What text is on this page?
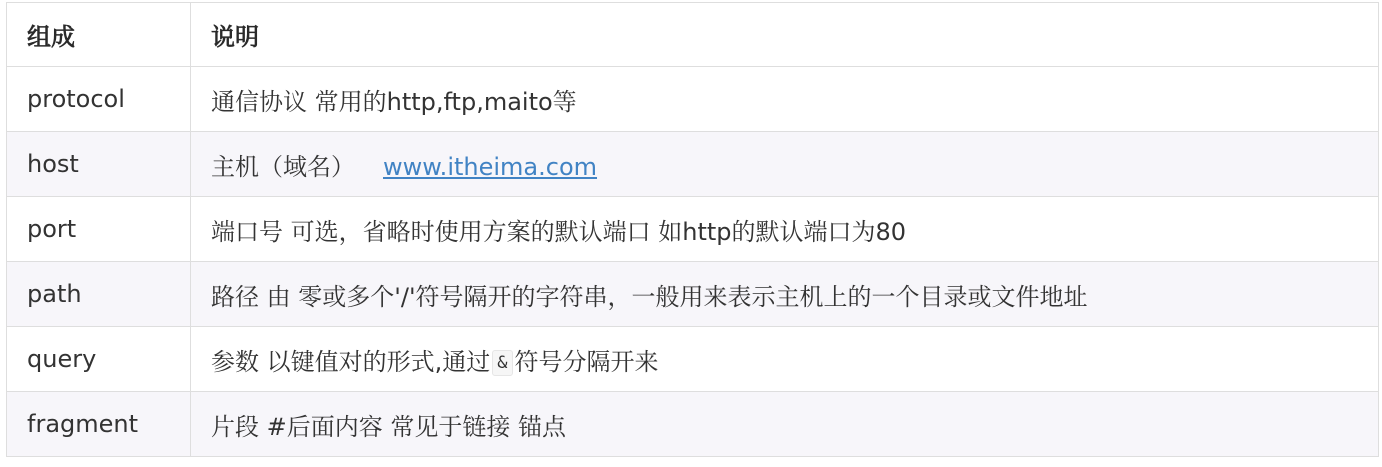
组成	说明
protocol	通信协议 常用的http,ftp,maito等
host	主机（域名） www.itheima.com
port	端口号 可选，省略时使用方案的默认端口 如http的默认端口为80
path	路径 由 零或多个'/'符号隔开的字符串，一般用来表示主机上的一个目录或文件地址
query	参数 以键值对的形式,通过 & 符号分隔开来
fragment	片段 #后面内容 常见于链接 锚点
